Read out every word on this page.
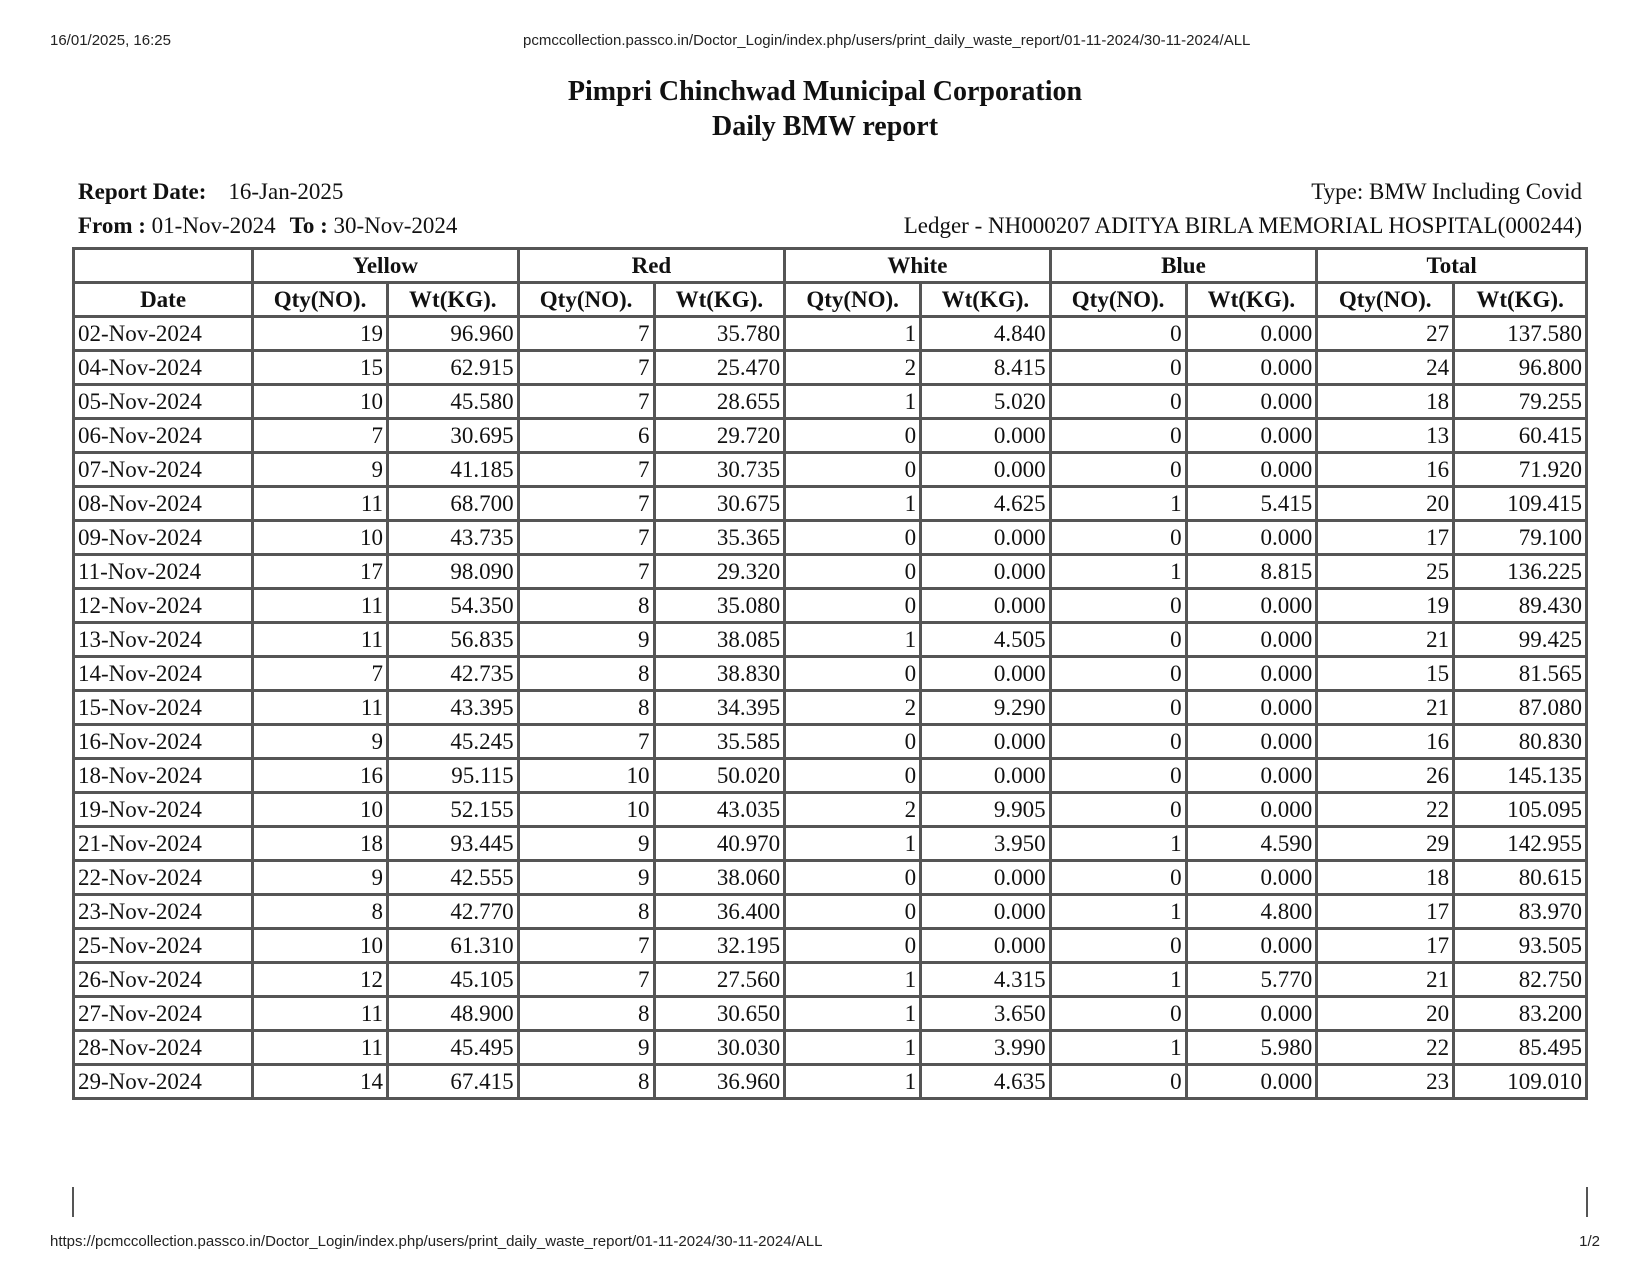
16/01/2025, 16:25	pcmccollection.passco.in/Doctor_Login/index.php/users/print_daily_waste_report/01-11-2024/30-11-2024/ALL
Pimpri Chinchwad Municipal Corporation
Daily BMW report
Report Date: 16-Jan-2025	Type: BMW Including Covid
From : 01-Nov-2024 To : 30-Nov-2024	Ledger - NH000207 ADITYA BIRLA MEMORIAL HOSPITAL(000244)
	Yellow		Red		White		Blue		Total	
Date	Qty(NO).	Wt(KG).	Qty(NO).	Wt(KG).	Qty(NO).	Wt(KG).	Qty(NO).	Wt(KG).	Qty(NO).	Wt(KG).
02-Nov-2024	19	96.960	7	35.780	1	4.840	0	0.000	27	137.580
04-Nov-2024	15	62.915	7	25.470	2	8.415	0	0.000	24	96.800
05-Nov-2024	10	45.580	7	28.655	1	5.020	0	0.000	18	79.255
06-Nov-2024	7	30.695	6	29.720	0	0.000	0	0.000	13	60.415
07-Nov-2024	9	41.185	7	30.735	0	0.000	0	0.000	16	71.920
08-Nov-2024	11	68.700	7	30.675	1	4.625	1	5.415	20	109.415
09-Nov-2024	10	43.735	7	35.365	0	0.000	0	0.000	17	79.100
11-Nov-2024	17	98.090	7	29.320	0	0.000	1	8.815	25	136.225
12-Nov-2024	11	54.350	8	35.080	0	0.000	0	0.000	19	89.430
13-Nov-2024	11	56.835	9	38.085	1	4.505	0	0.000	21	99.425
14-Nov-2024	7	42.735	8	38.830	0	0.000	0	0.000	15	81.565
15-Nov-2024	11	43.395	8	34.395	2	9.290	0	0.000	21	87.080
16-Nov-2024	9	45.245	7	35.585	0	0.000	0	0.000	16	80.830
18-Nov-2024	16	95.115	10	50.020	0	0.000	0	0.000	26	145.135
19-Nov-2024	10	52.155	10	43.035	2	9.905	0	0.000	22	105.095
21-Nov-2024	18	93.445	9	40.970	1	3.950	1	4.590	29	142.955
22-Nov-2024	9	42.555	9	38.060	0	0.000	0	0.000	18	80.615
23-Nov-2024	8	42.770	8	36.400	0	0.000	1	4.800	17	83.970
25-Nov-2024	10	61.310	7	32.195	0	0.000	0	0.000	17	93.505
26-Nov-2024	12	45.105	7	27.560	1	4.315	1	5.770	21	82.750
27-Nov-2024	11	48.900	8	30.650	1	3.650	0	0.000	20	83.200
28-Nov-2024	11	45.495	9	30.030	1	3.990	1	5.980	22	85.495
29-Nov-2024	14	67.415	8	36.960	1	4.635	0	0.000	23	109.010
https://pcmccollection.passco.in/Doctor_Login/index.php/users/print_daily_waste_report/01-11-2024/30-11-2024/ALL	1/2
